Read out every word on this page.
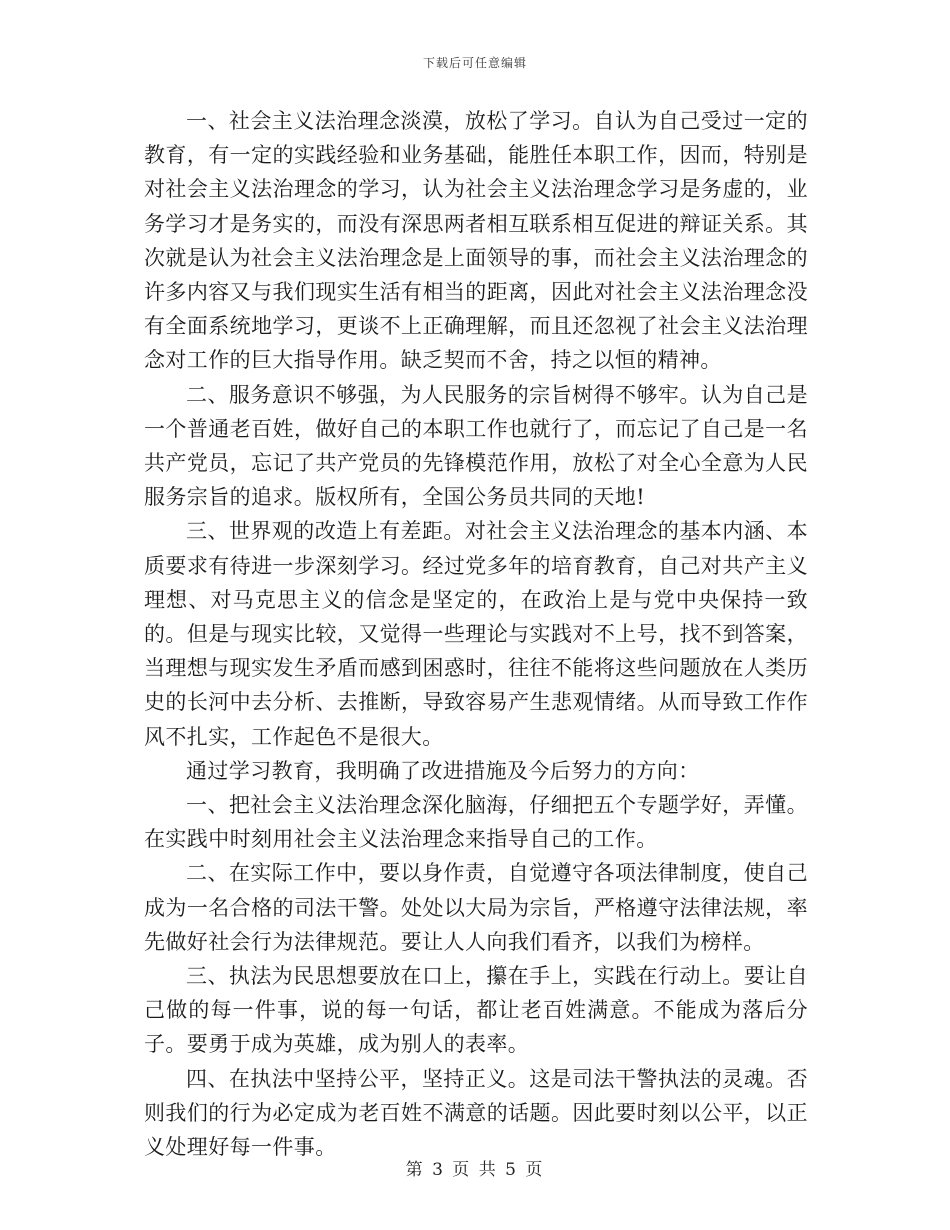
下载后可任意编辑

一、社会主义法治理念淡漠，放松了学习。自认为自己受过一定的教育，有一定的实践经验和业务基础，能胜任本职工作，因而，特别是对社会主义法治理念的学习，认为社会主义法治理念学习是务虚的，业务学习才是务实的，而没有深思两者相互联系相互促进的辩证关系。其次就是认为社会主义法治理念是上面领导的事，而社会主义法治理念的许多内容又与我们现实生活有相当的距离，因此对社会主义法治理念没有全面系统地学习，更谈不上正确理解，而且还忽视了社会主义法治理念对工作的巨大指导作用。缺乏契而不舍，持之以恒的精神。

二、服务意识不够强，为人民服务的宗旨树得不够牢。认为自己是一个普通老百姓，做好自己的本职工作也就行了，而忘记了自己是一名共产党员，忘记了共产党员的先锋模范作用，放松了对全心全意为人民服务宗旨的追求。版权所有，全国公务员共同的天地!

三、世界观的改造上有差距。对社会主义法治理念的基本内涵、本质要求有待进一步深刻学习。经过党多年的培育教育，自己对共产主义理想、对马克思主义的信念是坚定的，在政治上是与党中央保持一致的。但是与现实比较，又觉得一些理论与实践对不上号，找不到答案，当理想与现实发生矛盾而感到困惑时，往往不能将这些问题放在人类历史的长河中去分析、去推断，导致容易产生悲观情绪。从而导致工作作风不扎实，工作起色不是很大。

通过学习教育，我明确了改进措施及今后努力的方向：

一、把社会主义法治理念深化脑海，仔细把五个专题学好，弄懂。在实践中时刻用社会主义法治理念来指导自己的工作。

二、在实际工作中，要以身作责，自觉遵守各项法律制度，使自己成为一名合格的司法干警。处处以大局为宗旨，严格遵守法律法规，率先做好社会行为法律规范。要让人人向我们看齐，以我们为榜样。

三、执法为民思想要放在口上，攥在手上，实践在行动上。要让自己做的每一件事，说的每一句话，都让老百姓满意。不能成为落后分子。要勇于成为英雄，成为别人的表率。

四、在执法中坚持公平，坚持正义。这是司法干警执法的灵魂。否则我们的行为必定成为老百姓不满意的话题。因此要时刻以公平，以正义处理好每一件事。

第 3 页 共 5 页
